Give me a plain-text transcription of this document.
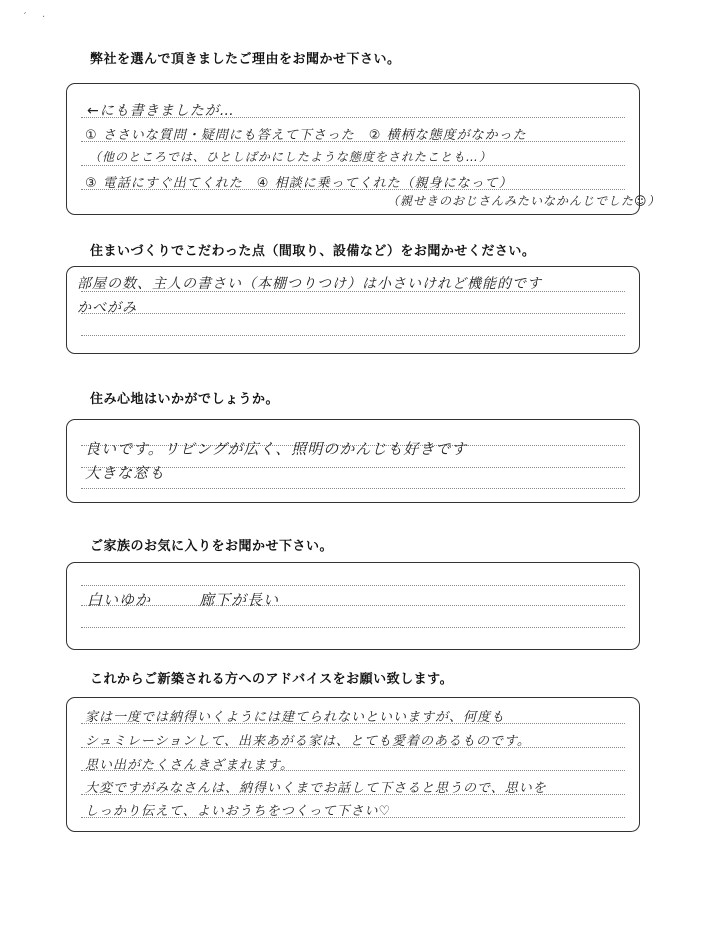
´ ·
弊社を選んで頂きましたご理由をお聞かせ下さい。
←にも書きましたが…
① ささいな質問・疑問にも答えて下さった　② 横柄な態度がなかった
（他のところでは、ひとしばかにしたような態度をされたことも…）
③ 電話にすぐ出てくれた　④ 相談に乗ってくれた（親身になって）
（親せきのおじさんみたいなかんじでした☺）
住まいづくりでこだわった点（間取り、設備など）をお聞かせください。
部屋の数、主人の書さい（本棚つりつけ）は小さいけれど機能的です
かべがみ
住み心地はいかがでしょうか。
良いです。リビングが広く、照明のかんじも好きです
大きな窓も
ご家族のお気に入りをお聞かせ下さい。
白いゆか　　　廊下が長い
これからご新築される方へのアドバイスをお願い致します。
家は一度では納得いくようには建てられないといいますが、何度も
シュミレーションして、出来あがる家は、とても愛着のあるものです。
思い出がたくさんきざまれます。
大変ですがみなさんは、納得いくまでお話して下さると思うので、思いを
しっかり伝えて、よいおうちをつくって下さい♡
